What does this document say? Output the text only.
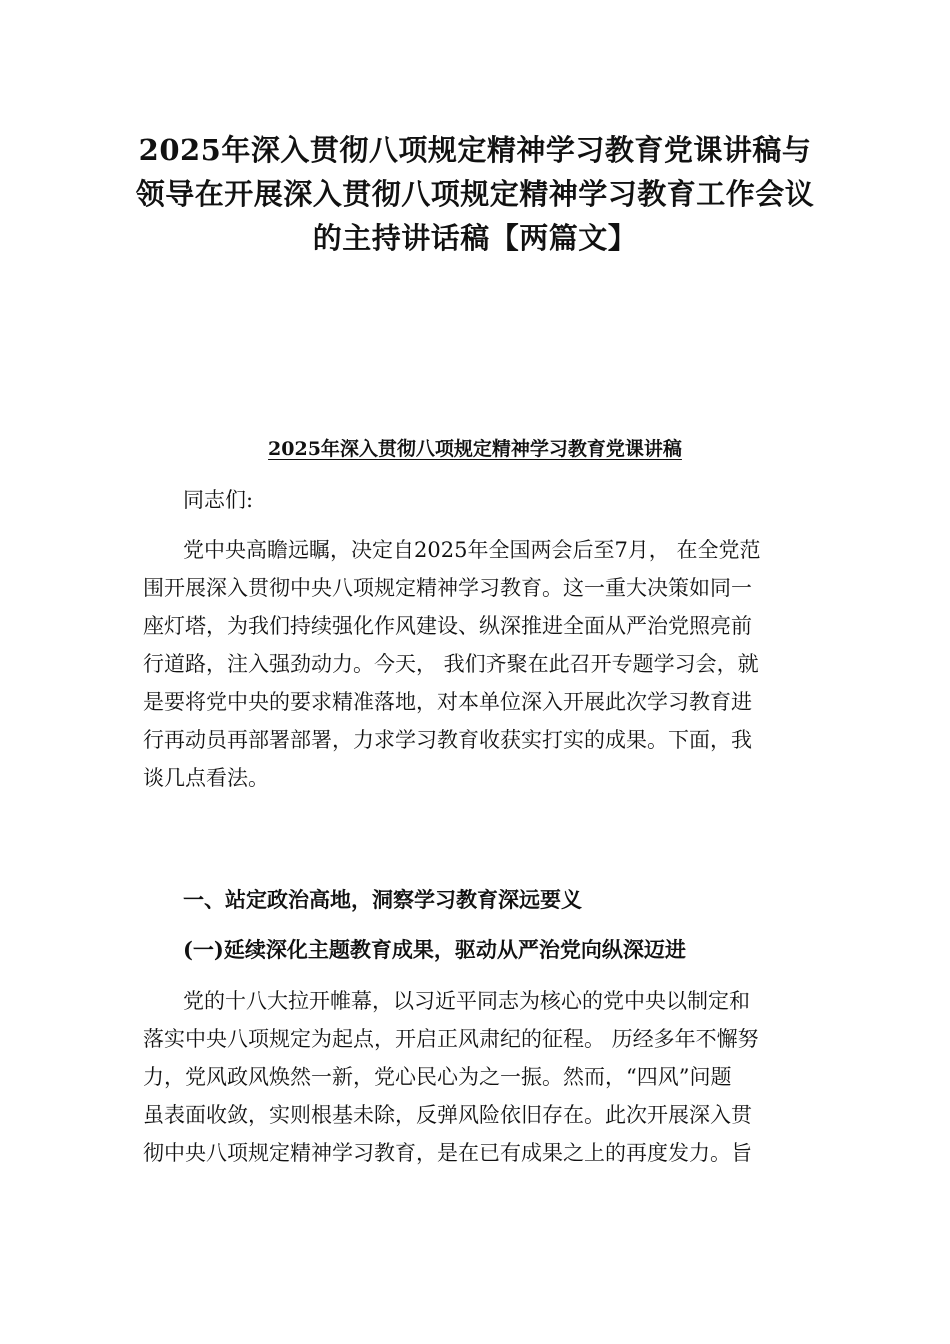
2025年深入贯彻八项规定精神学习教育党课讲稿与
领导在开展深入贯彻八项规定精神学习教育工作会议
的主持讲话稿【两篇文】
2025年深入贯彻八项规定精神学习教育党课讲稿

同志们:

党中央高瞻远瞩，决定自2025年全国两会后至7月， 在全党范
围开展深入贯彻中央八项规定精神学习教育。这一重大决策如同一
座灯塔，为我们持续强化作风建设、纵深推进全面从严治党照亮前
行道路，注入强劲动力。今天， 我们齐聚在此召开专题学习会，就
是要将党中央的要求精准落地，对本单位深入开展此次学习教育进
行再动员再部署部署，力求学习教育收获实打实的成果。下面，我
谈几点看法。

一、站定政治高地，洞察学习教育深远要义

(一)延续深化主题教育成果，驱动从严治党向纵深迈进

党的十八大拉开帷幕，以习近平同志为核心的党中央以制定和
落实中央八项规定为起点，开启正风肃纪的征程。 历经多年不懈努
力，党风政风焕然一新，党心民心为之一振。然而，“四风”问题
虽表面收敛，实则根基未除，反弹风险依旧存在。此次开展深入贯
彻中央八项规定精神学习教育，是在已有成果之上的再度发力。旨
